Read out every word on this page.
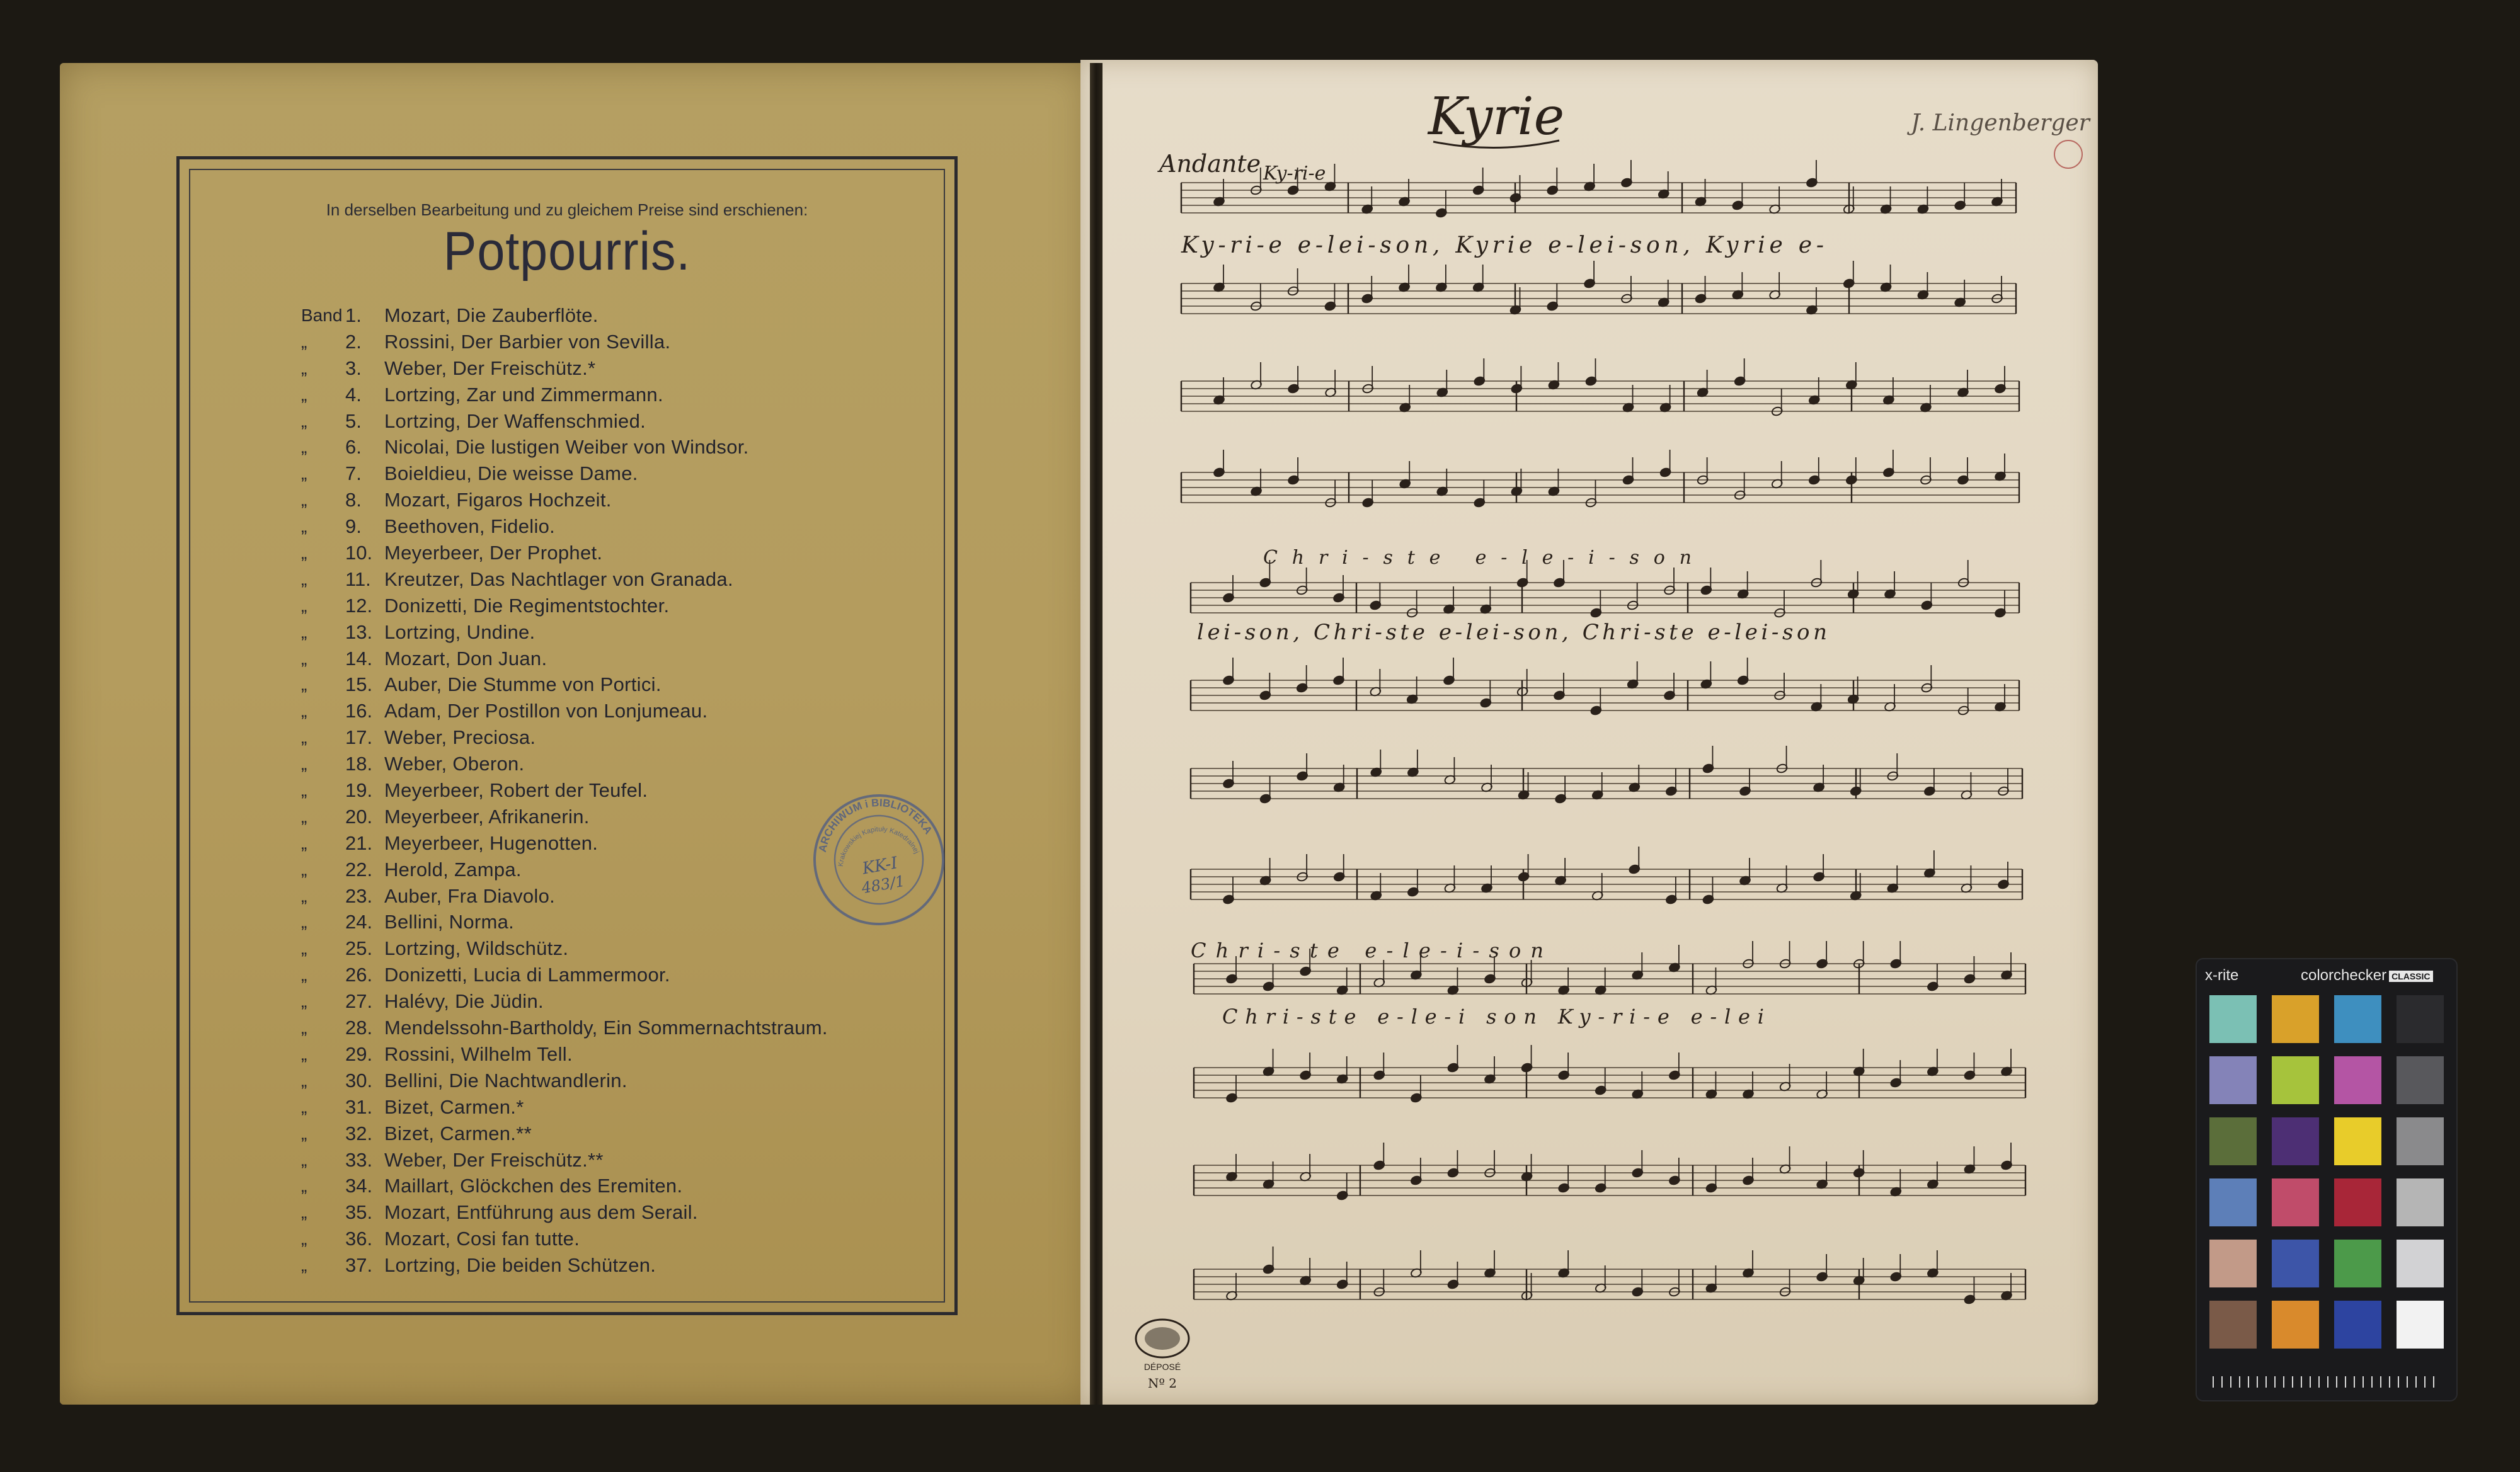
In derselben Bearbeitung und zu gleichem Preise sind erschienen:
Potpourris.
Band 1.	Mozart, Die Zauberflöte.
„	2.	Rossini, Der Barbier von Sevilla.
„	3.	Weber, Der Freischütz.*
„	4.	Lortzing, Zar und Zimmermann.
„	5.	Lortzing, Der Waffenschmied.
„	6.	Nicolai, Die lustigen Weiber von Windsor.
„	7.	Boieldieu, Die weisse Dame.
„	8.	Mozart, Figaros Hochzeit.
„	9.	Beethoven, Fidelio.
„	10. Meyerbeer, Der Prophet.
„	11. Kreutzer, Das Nachtlager von Granada.
„	12. Donizetti, Die Regimentstochter.
„	13. Lortzing, Undine.
„	14. Mozart, Don Juan.
„	15. Auber, Die Stumme von Portici.
„	16. Adam, Der Postillon von Lonjumeau.
„	17. Weber, Preciosa.
„	18. Weber, Oberon.
„	19. Meyerbeer, Robert der Teufel.
„	20. Meyerbeer, Afrikanerin.
„	21. Meyerbeer, Hugenotten.
„	22. Herold, Zampa.
„	23. Auber, Fra Diavolo.
„	24. Bellini, Norma.
„	25. Lortzing, Wildschütz.
„	26. Donizetti, Lucia di Lammermoor.
„	27. Halévy, Die Jüdin.
„	28. Mendelssohn-Bartholdy, Ein Sommernachtstraum.
„	29. Rossini, Wilhelm Tell.
„	30. Bellini, Die Nachtwandlerin.
„	31. Bizet, Carmen.*
„	32. Bizet, Carmen.**
„	33. Weber, Der Freischütz.**
„	34. Maillart, Glöckchen des Eremiten.
„	35. Mozart, Entführung aus dem Serail.
„	36. Mozart, Cosi fan tutte.
„	37. Lortzing, Die beiden Schützen.
ARCHIWUM i BIBLIOTEKA
Krakowskiej Kapituły Katedralnej
KK-I
483/1
Kyrie	J. Lingenberger
Andante Ky-ri-e
Ky-ri-e e-lei-son, Kyrie e-lei-son, Kyrie e-
Chri-ste e-le-i-son
lei-son, Chri-ste e-lei-son, Chri-ste e-lei-son
Chri-ste e-le-i-son
Chri-ste e-le-i son Ky-ri-e e-lei
DÉPOSÉ
Nº 2
x-rite	colorchecker CLASSIC
